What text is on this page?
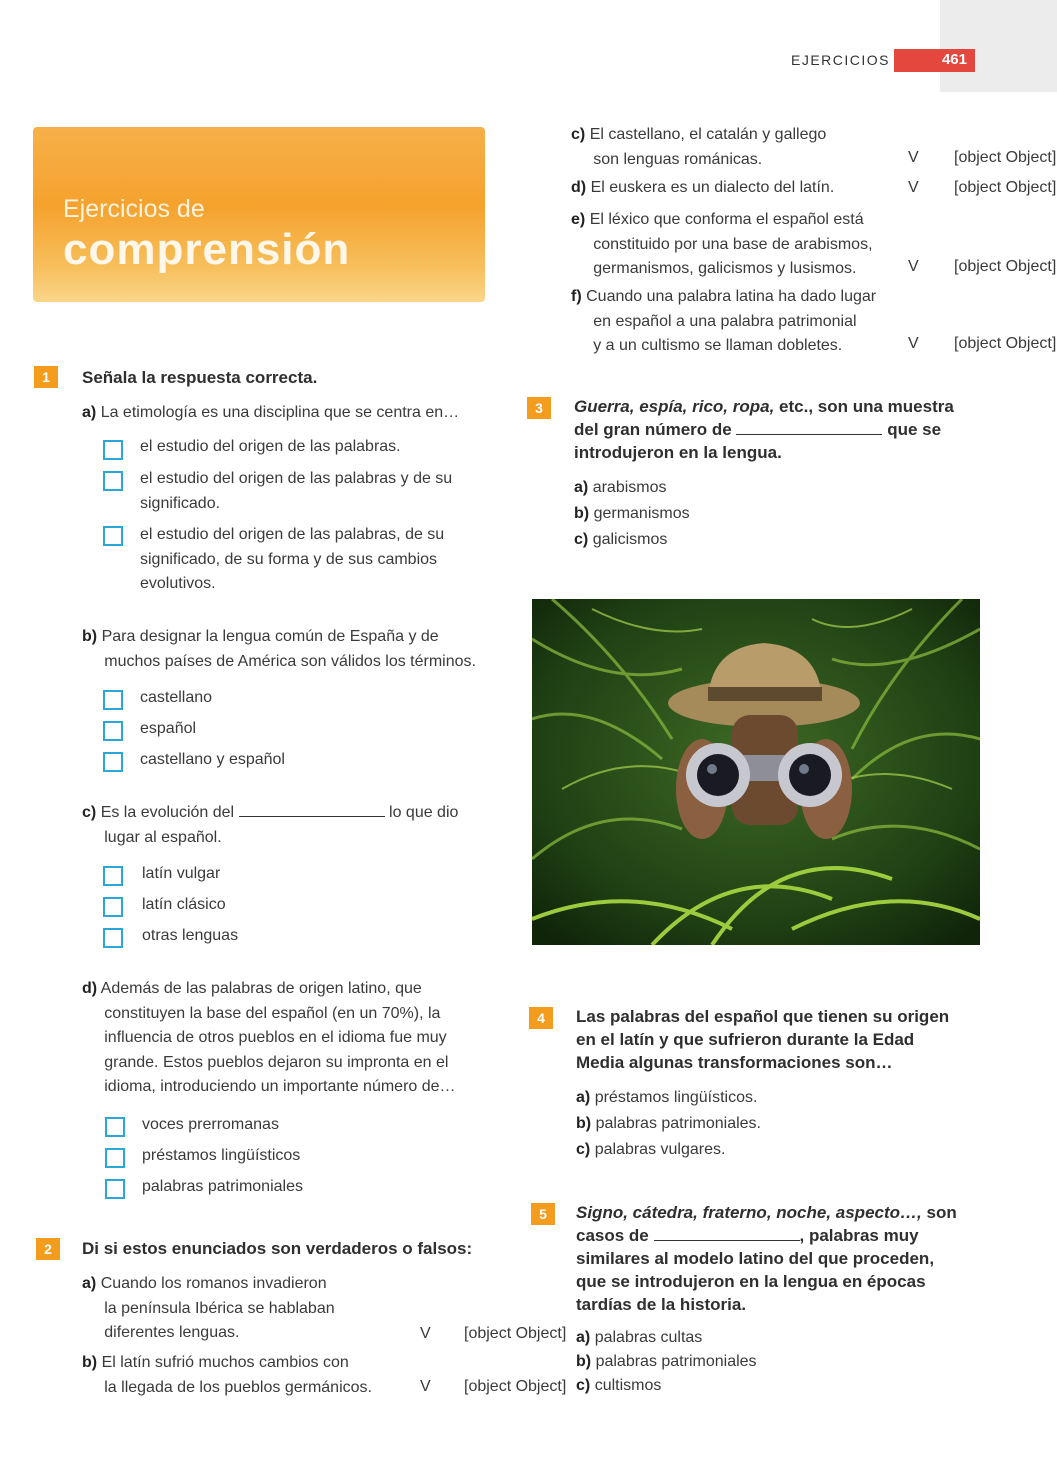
EJERCICIOS	461
Ejercicios de
comprensión
1	Señala la respuesta correcta.
a) La etimología es una disciplina que se centra en…
el estudio del origen de las palabras.
el estudio del origen de las palabras y de su
significado.
el estudio del origen de las palabras, de su
significado, de su forma y de sus cambios
evolutivos.
b) Para designar la lengua común de España y de
muchos países de América son válidos los términos.
castellano
español
castellano y español
c) Es la evolución del	lo que dio
lugar al español.
latín vulgar
latín clásico
otras lenguas
d) Además de las palabras de origen latino, que
constituyen la base del español (en un 70%), la
influencia de otros pueblos en el idioma fue muy
grande. Estos pueblos dejaron su impronta en el
idioma, introduciendo un importante número de…
voces prerromanas
préstamos lingüísticos
palabras patrimoniales
2	Di si estos enunciados son verdaderos o falsos:
a) Cuando los romanos invadieron
la península Ibérica se hablaban
diferentes lenguas.	V [object Object]
b) El latín sufrió muchos cambios con
la llegada de los pueblos germánicos.	V [object Object]
c) El castellano, el catalán y gallego
son lenguas románicas.	V [object Object]
d) El euskera es un dialecto del latín.	V [object Object]
e) El léxico que conforma el español está
constituido por una base de arabismos,
germanismos, galicismos y lusismos.	V [object Object]
f) Cuando una palabra latina ha dado lugar
en español a una palabra patrimonial
y a un cultismo se llaman dobletes.	V [object Object]
3	Guerra, espía, rico, ropa, etc., son una muestra
del gran número de	que se
introdujeron en la lengua.
a) arabismos
b) germanismos
c) galicismos
4	Las palabras del español que tienen su origen
en el latín y que sufrieron durante la Edad
Media algunas transformaciones son…
a) préstamos lingüísticos.
b) palabras patrimoniales.
c) palabras vulgares.
5	Signo, cátedra, fraterno, noche, aspecto…, son
casos de	, palabras muy
similares al modelo latino del que proceden,
que se introdujeron en la lengua en épocas
tardías de la historia.
a) palabras cultas
b) palabras patrimoniales
c) cultismos
